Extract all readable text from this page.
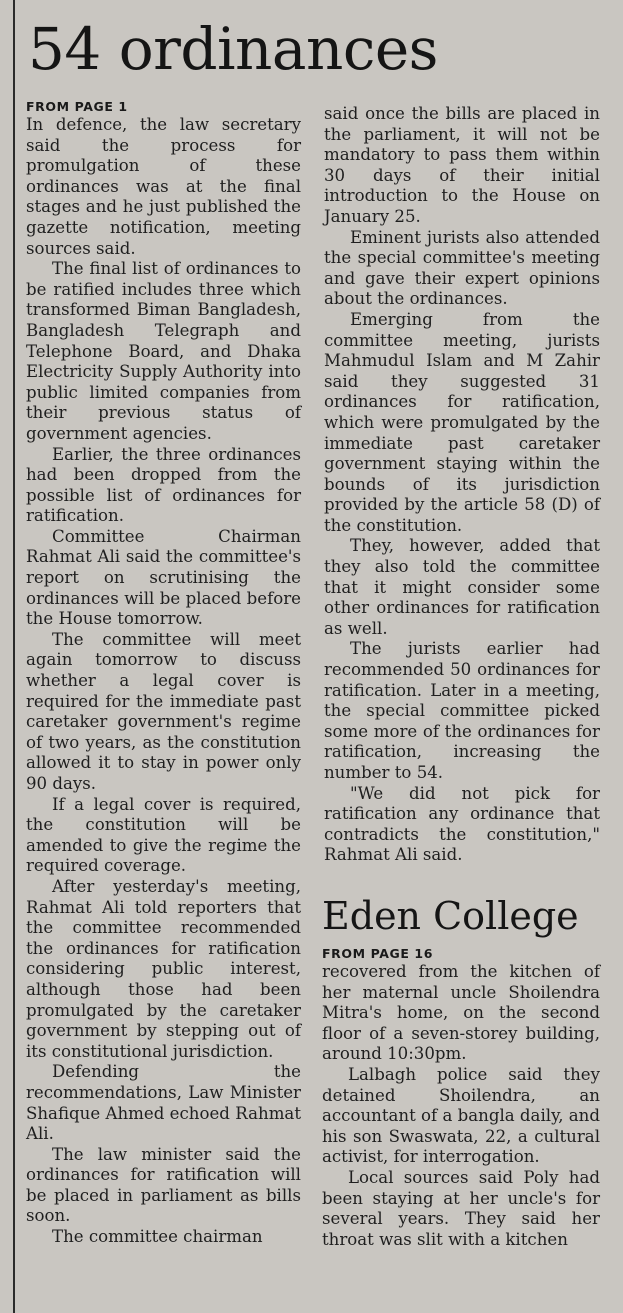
54 ordinances
FROM PAGE 1

In defence, the law secretary said the process for promulgation of these ordinances was at the final stages and he just published the gazette notification, meeting sources said.

The final list of ordinances to be ratified includes three which transformed Biman Bangladesh, Bangladesh Telegraph and Telephone Board, and Dhaka Electricity Supply Authority into public limited companies from their previous status of government agencies.

Earlier, the three ordinances had been dropped from the possible list of ordinances for ratification.

Committee Chairman Rahmat Ali said the committee's report on scrutinising the ordinances will be placed before the House tomorrow.

The committee will meet again tomorrow to discuss whether a legal cover is required for the immediate past caretaker government's regime of two years, as the constitution allowed it to stay in power only 90 days.

If a legal cover is required, the constitution will be amended to give the regime the required coverage.

After yesterday's meeting, Rahmat Ali told reporters that the committee recommended the ordinances for ratification considering public interest, although those had been promulgated by the caretaker government by stepping out of its constitutional jurisdiction.

Defending the recommendations, Law Minister Shafique Ahmed echoed Rahmat Ali.

The law minister said the ordinances for ratification will be placed in parliament as bills soon.

The committee chairman

said once the bills are placed in the parliament, it will not be mandatory to pass them within 30 days of their initial introduction to the House on January 25.

Eminent jurists also attended the special committee's meeting and gave their expert opinions about the ordinances.

Emerging from the committee meeting, jurists Mahmudul Islam and M Zahir said they suggested 31 ordinances for ratification, which were promulgated by the immediate past caretaker government staying within the bounds of its jurisdiction provided by the article 58 (D) of the constitution.

They, however, added that they also told the committee that it might consider some other ordinances for ratification as well.

The jurists earlier had recommended 50 ordinances for ratification. Later in a meeting, the special committee picked some more of the ordinances for ratification, increasing the number to 54.

"We did not pick for ratification any ordinance that contradicts the constitution," Rahmat Ali said.

Eden College
FROM PAGE 16

recovered from the kitchen of her maternal uncle Shoilendra Mitra's home, on the second floor of a seven-storey building, around 10:30pm.

Lalbagh police said they detained Shoilendra, an accountant of a bangla daily, and his son Swaswata, 22, a cultural activist, for interrogation.

Local sources said Poly had been staying at her uncle's for several years. They said her throat was slit with a kitchen
